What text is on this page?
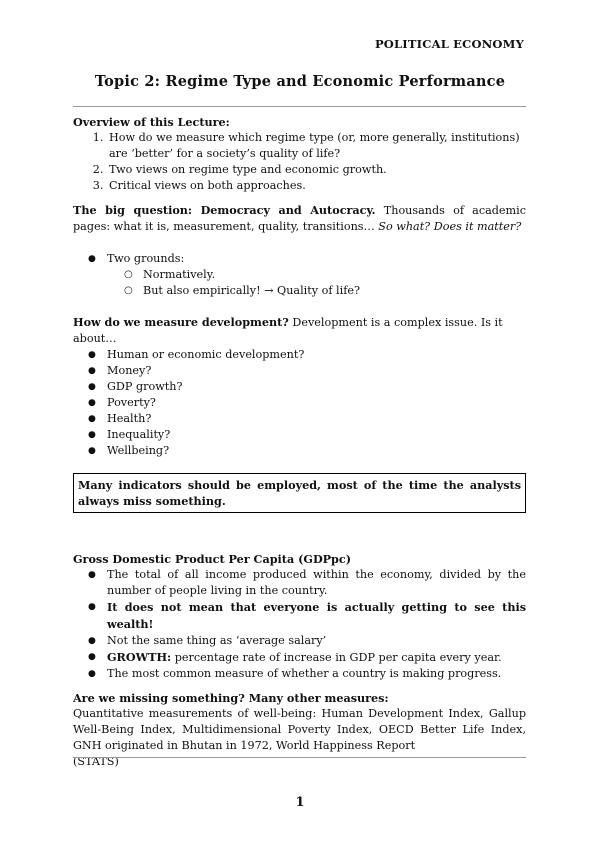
POLITICAL ECONOMY
Topic 2: Regime Type and Economic Performance

Overview of this Lecture:

1. How do we measure which regime type (or, more generally, institutions) are ‘better’ for a society’s quality of life?
2. Two views on regime type and economic growth.
3. Critical views on both approaches.

The big question: Democracy and Autocracy. Thousands of academic pages: what it is, measurement, quality, transitions… So what? Does it matter?

● Two grounds:
○ Normatively.
○ But also empirically! → Quality of life?

How do we measure development? Development is a complex issue. Is it about…

● Human or economic development?
● Money?
● GDP growth?
● Poverty?
● Health?
● Inequality?
● Wellbeing?
Many indicators should be employed, most of the time the analysts always miss something.

Gross Domestic Product Per Capita (GDPpc)

● The total of all income produced within the economy, divided by the number of people living in the country.
● It does not mean that everyone is actually getting to see this wealth!
● Not the same thing as ‘average salary’
● GROWTH: percentage rate of increase in GDP per capita every year.
● The most common measure of whether a country is making progress.

Are we missing something? Many other measures:

Quantitative measurements of well-being: Human Development Index, Gallup Well-Being Index, Multidimensional Poverty Index, OECD Better Life Index, GNH originated in Bhutan in 1972, World Happiness Report

(STATS)

1
